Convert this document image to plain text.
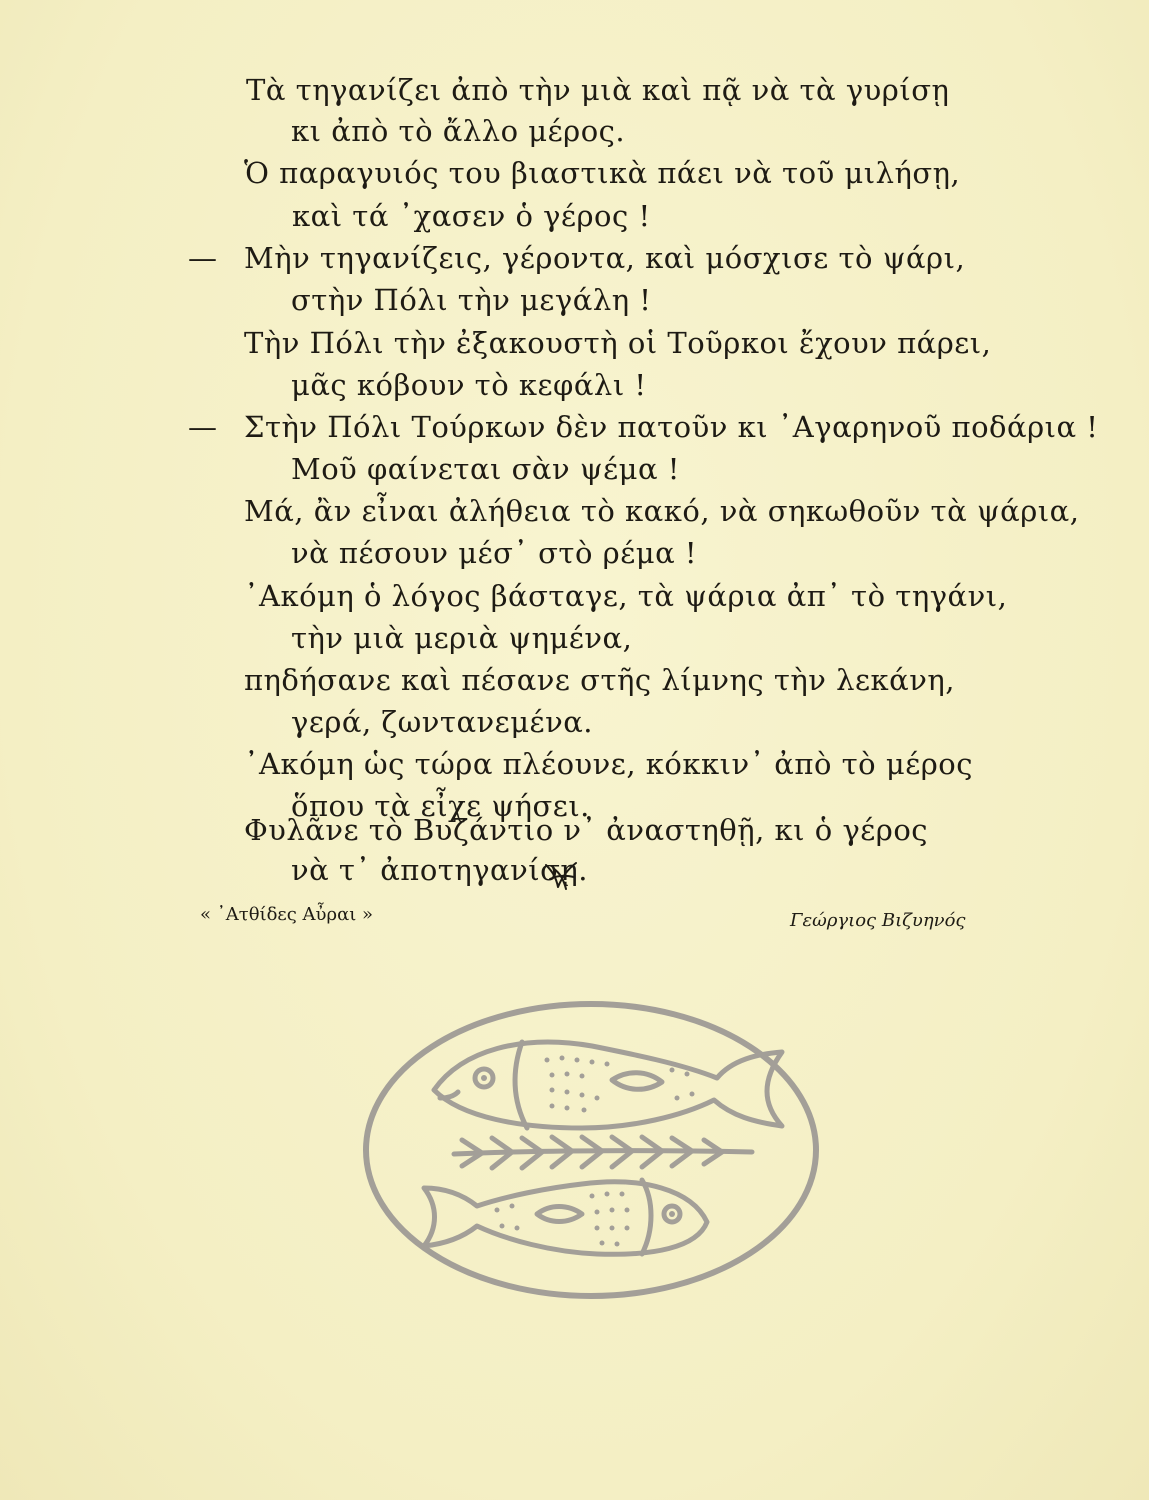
Τὰ τηγανίζει ἀπὸ τὴν μιὰ καὶ πᾷ νὰ τὰ γυρίσῃ
κι ἀπὸ τὸ ἄλλο μέρος.
Ὁ παραγυιός του βιαστικὰ πάει νὰ τοῦ μιλήσῃ,
καὶ τά ᾿χασεν ὁ γέρος !
— Μὴν τηγανίζεις, γέροντα, καὶ μόσχισε τὸ ψάρι,
στὴν Πόλι τὴν μεγάλη !
Τὴν Πόλι τὴν ἐξακουστὴ οἱ Τοῦρκοι ἔχουν πάρει,
μᾶς κόβουν τὸ κεφάλι !
— Στὴν Πόλι Τούρκων δὲν πατοῦν κι ᾿Αγαρηνοῦ ποδάρια !
Μοῦ φαίνεται σὰν ψέμα !
Μά, ἂν εἶναι ἀλήθεια τὸ κακό, νὰ σηκωθοῦν τὰ ψάρια,
νὰ πέσουν μέσ᾿ στὸ ρέμα !
᾿Ακόμη ὁ λόγος βάσταγε, τὰ ψάρια ἀπ᾿ τὸ τηγάνι,
τὴν μιὰ μεριὰ ψημένα,
πηδήσανε καὶ πέσανε στῆς λίμνης τὴν λεκάνη,
γερά, ζωντανεμένα.
᾿Ακόμη ὡς τώρα πλέουνε, κόκκιν᾿ ἀπὸ τὸ μέρος
ὅπου τὰ εἶχε ψήσει.
Φυλᾶνε τὸ Βυζάντιο ν᾿ ἀναστηθῇ, κι ὁ γέρος
νὰ τ᾿ ἀποτηγανίσῃ.
« ᾿Ατθίδες Αὖραι »	Γεώργιος Βιζυηνός
